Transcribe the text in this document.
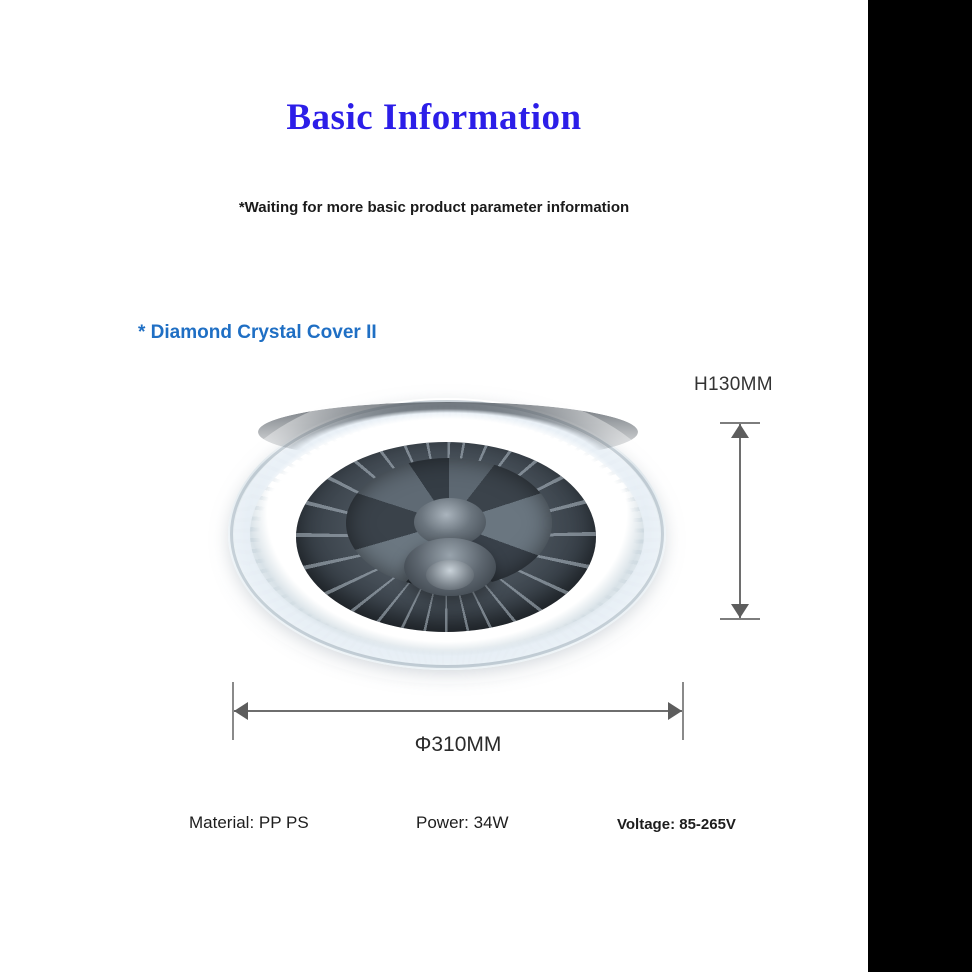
Basic Information
*Waiting for more basic product parameter information
* Diamond Crystal Cover II
H130MM
Φ310MM
Material: PP PS	Power: 34W	Voltage: 85-265V
